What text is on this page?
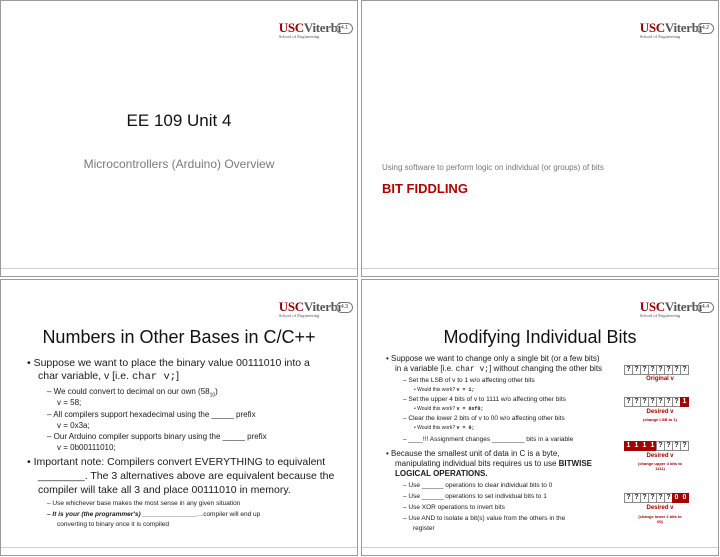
USCViterbi
School of Engineering
4.1
EE 109 Unit 4
Microcontrollers (Arduino) Overview
USCViterbi
School of Engineering
4.2
Using software to perform logic on individual (or groups) of bits
BIT FIDDLING
USCViterbi
School of Engineering
4.3
Numbers in Other Bases in C/C++
• Suppose we want to place the binary value 00111010 into a
char variable, v [i.e. char v;]
– We could convert to decimal on our own $(58_{10})$
v = 58;
– All compilers support hexadecimal using the _____ prefix
v = 0x3a;
– Our Arduino compiler supports binary using the _____ prefix
v = 0b00111010;
• Important note: Compilers convert EVERYTHING to equivalent
________. The 3 alternatives above are equivalent because the
compiler will take all 3 and place 00111010 in memory.
– Use whichever base makes the most sense in any given situation
– It is your (the programmer's) _______________…compiler will end up
converting to binary once it is compiled
USCViterbi
School of Engineering
4.4
Modifying Individual Bits
• Suppose we want to change only a single bit (or a few bits)
in a variable [i.e. char v;] without changing the other bits
– Set the LSB of v to 1 w/o affecting other bits
• Would this work? v = 1;
– Set the upper 4 bits of v to 1111 w/o affecting other bits
• Would this work? v = 0xf0;
– Clear the lower 2 bits of v to 00 w/o affecting other bits
• Would this work? v = 0;
– ____!!! Assignment changes _________ bits in a variable
• Because the smallest unit of data in C is a byte,
manipulating individual bits requires us to use BITWISE
LOGICAL OPERATIONS.
– Use ______ operations to clear individual bits to 0
– Use ______ operations to set individual bits to 1
– Use XOR operations to invert bits
– Use AND to isolate a bit(s) value from the others in the
register
? ? ? ? ? ? ? ?
Original v
? ? ? ? ? ? ? 1
Desired v
(change LSB to 1)
1 1 1 1 ? ? ? ?
Desired v
(change upper 4 bits to
1111)
? ? ? ? ? ? 0 0
Desired v
(change lower 2 bits to
00)
